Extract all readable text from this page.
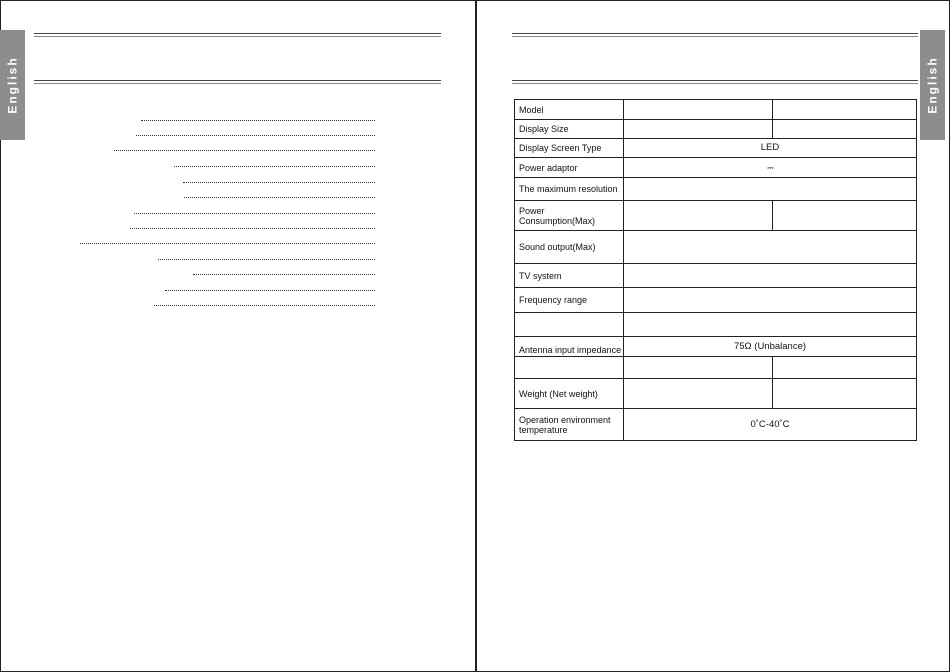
English	English
Model		
Display Size		
Display Screen Type	LED	
Power adaptor	⎓	
The maximum resolution		
Power Consumption(Max)		
Sound output(Max)		
TV system		
Frequency range		

Antenna input impedance	75Ω (Unbalance)	

Weight (Net weight)		

Operation environment
temperature	0˚C-40˚C	
